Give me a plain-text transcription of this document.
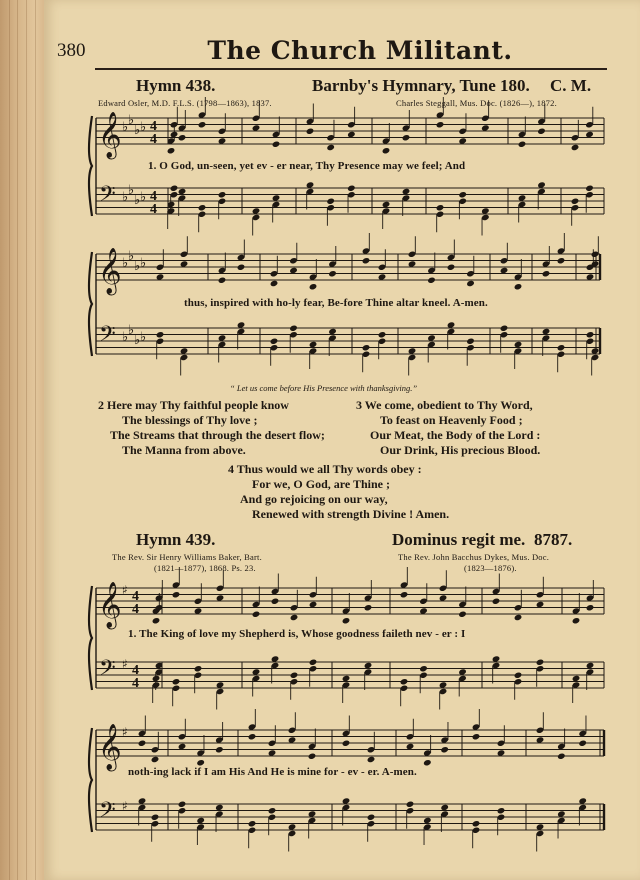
380	The Church Militant.
Hymn 438.	Barnby's Hymnary, Tune 180. C. M.
Edward Osler, M.D. F.L.S. (1798—1863), 1837.	Charles Steggall, Mus. Doc. (1826—), 1872.
𝄞
𝄢
♭ ♭
♭ ♭
♭ ♭
♭ ♭
4
4
4
4
1. O God, un-seen, yet ev - er near, Thy Presence may we feel; And
𝄞
𝄢
♭ ♭
♭ ♭
♭ ♭
♭ ♭
thus, inspired with ho-ly fear, Be-fore Thine altar kneel. A-men.
“ Let us come before His Presence with thanksgiving.”
2 Here may Thy faithful people know
The blessings of Thy love ;
The Streams that through the desert flow;
The Manna from above.
3 We come, obedient to Thy Word,
To feast on Heavenly Food ;
Our Meat, the Body of the Lord :
Our Drink, His precious Blood.
4 Thus would we all Thy words obey :
For we, O God, are Thine ;
And go rejoicing on our way,
Renewed with strength Divine ! Amen.
Hymn 439.	Dominus regit me. 8787.
The Rev. Sir Henry Williams Baker, Bart.
(1821—1877), 1868. Ps. 23.
The Rev. John Bacchus Dykes, Mus. Doc.
(1823—1876).
𝄞
𝄢
♯
♯
4
4
4
4
1. The King of love my Shepherd is, Whose goodness faileth nev - er : I
𝄞
𝄢
♯
♯
noth-ing lack if I am His And He is mine for - ev - er. A-men.
